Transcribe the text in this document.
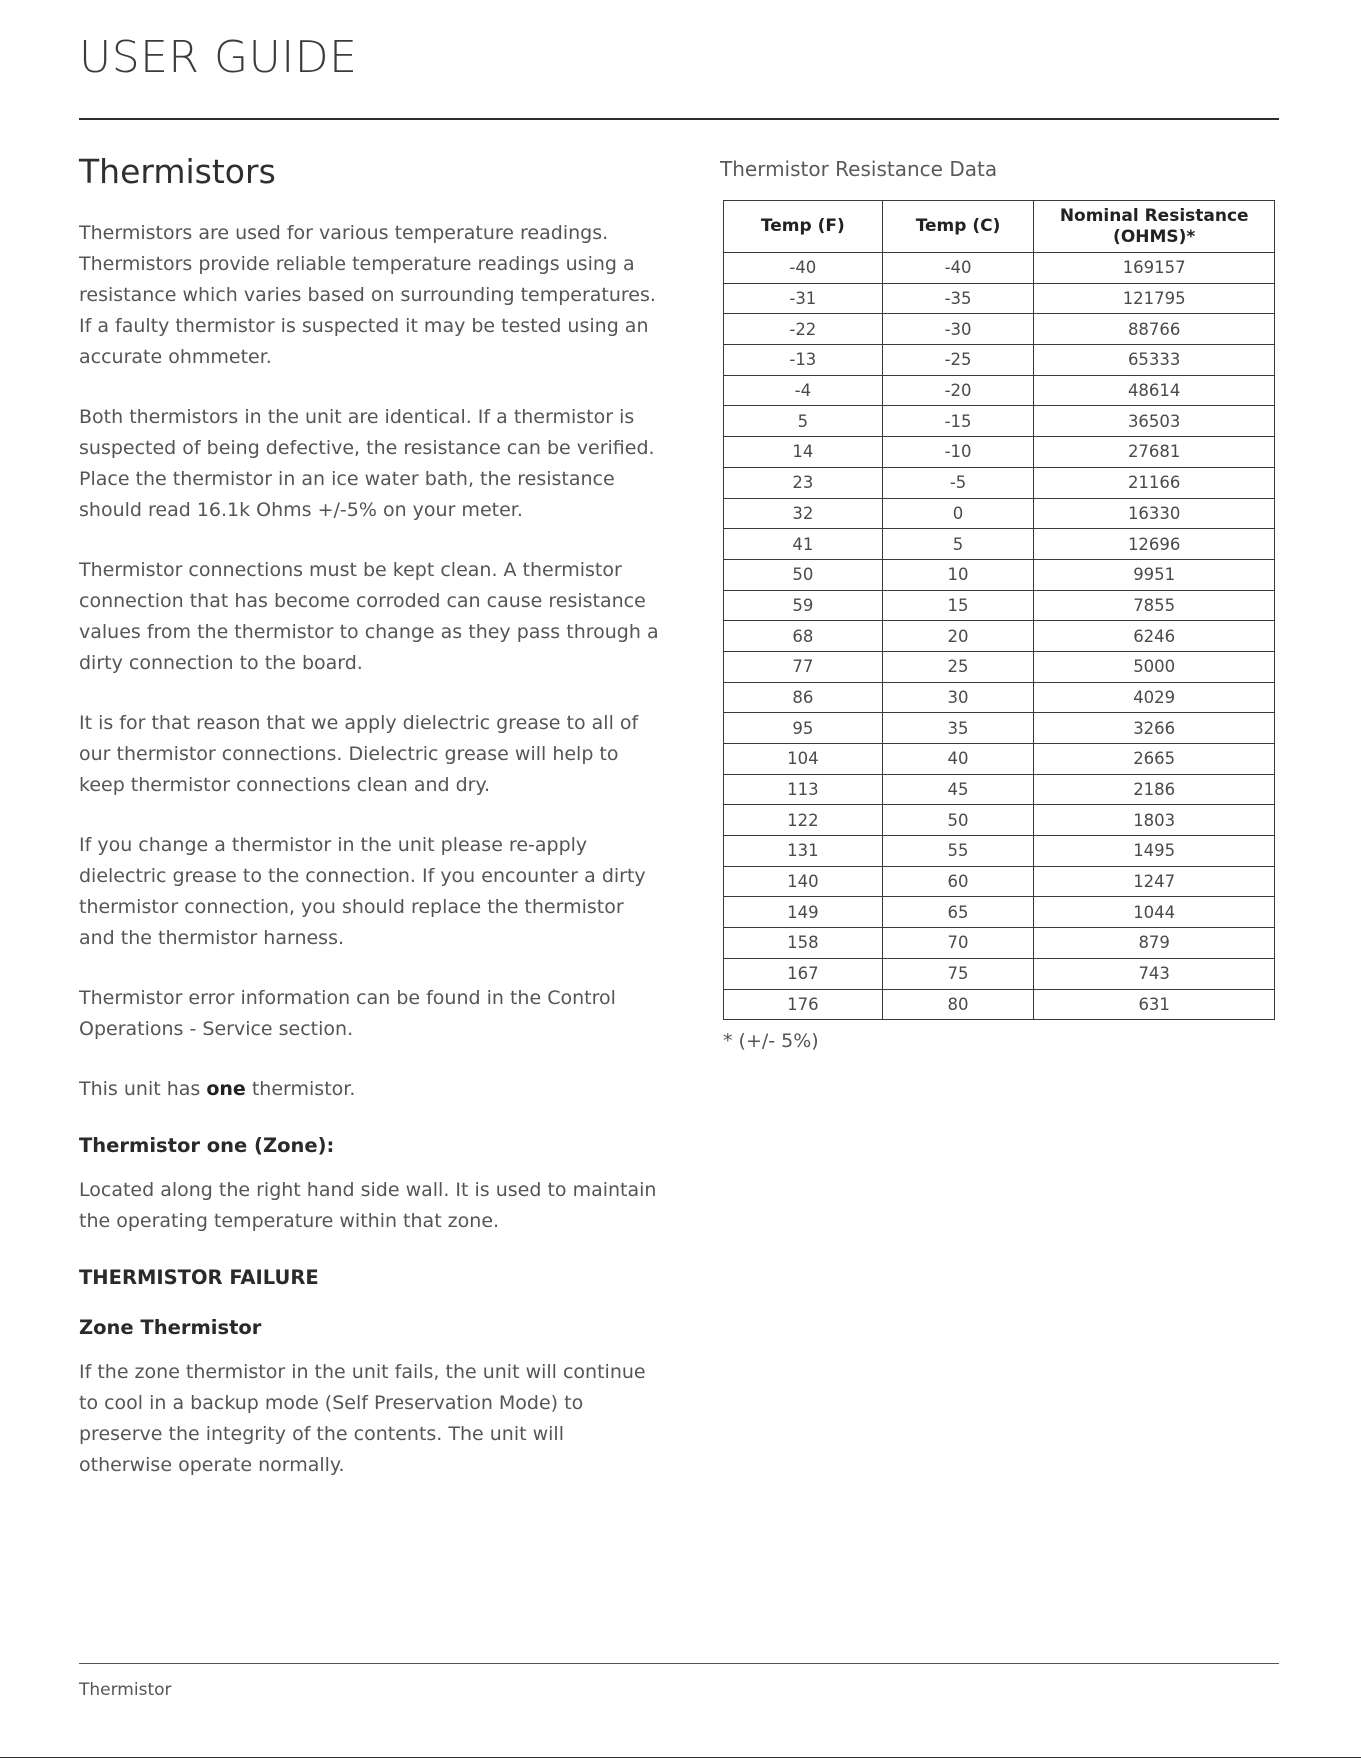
USER GUIDE
Thermistors

Thermistors are used for various temperature readings. Thermistors provide reliable temperature readings using a resistance which varies based on surrounding temperatures. If a faulty thermistor is suspected it may be tested using an accurate ohmmeter.

Both thermistors in the unit are identical. If a thermistor is suspected of being defective, the resistance can be verified. Place the thermistor in an ice water bath, the resistance should read 16.1k Ohms +/-5% on your meter.

Thermistor connections must be kept clean. A thermistor connection that has become corroded can cause resistance values from the thermistor to change as they pass through a dirty connection to the board.

It is for that reason that we apply dielectric grease to all of our thermistor connections. Dielectric grease will help to keep thermistor connections clean and dry.

If you change a thermistor in the unit please re-apply dielectric grease to the connection. If you encounter a dirty thermistor connection, you should replace the thermistor and the thermistor harness.

Thermistor error information can be found in the Control Operations - Service section.

This unit has one thermistor.

Thermistor one (Zone):

Located along the right hand side wall. It is used to maintain the operating temperature within that zone.

THERMISTOR FAILURE
Zone Thermistor

If the zone thermistor in the unit fails, the unit will continue to cool in a backup mode (Self Preservation Mode) to preserve the integrity of the contents. The unit will otherwise operate normally.

Thermistor Resistance Data
Temp (F)	Temp (C)	Nominal Resistance (OHMS)*
-40	-40	169157
-31	-35	121795
-22	-30	88766
-13	-25	65333
-4	-20	48614
5	-15	36503
14	-10	27681
23	-5	21166
32	0	16330
41	5	12696
50	10	9951
59	15	7855
68	20	6246
77	25	5000
86	30	4029
95	35	3266
104	40	2665
113	45	2186
122	50	1803
131	55	1495
140	60	1247
149	65	1044
158	70	879
167	75	743
176	80	631
* (+/- 5%)
Thermistor
